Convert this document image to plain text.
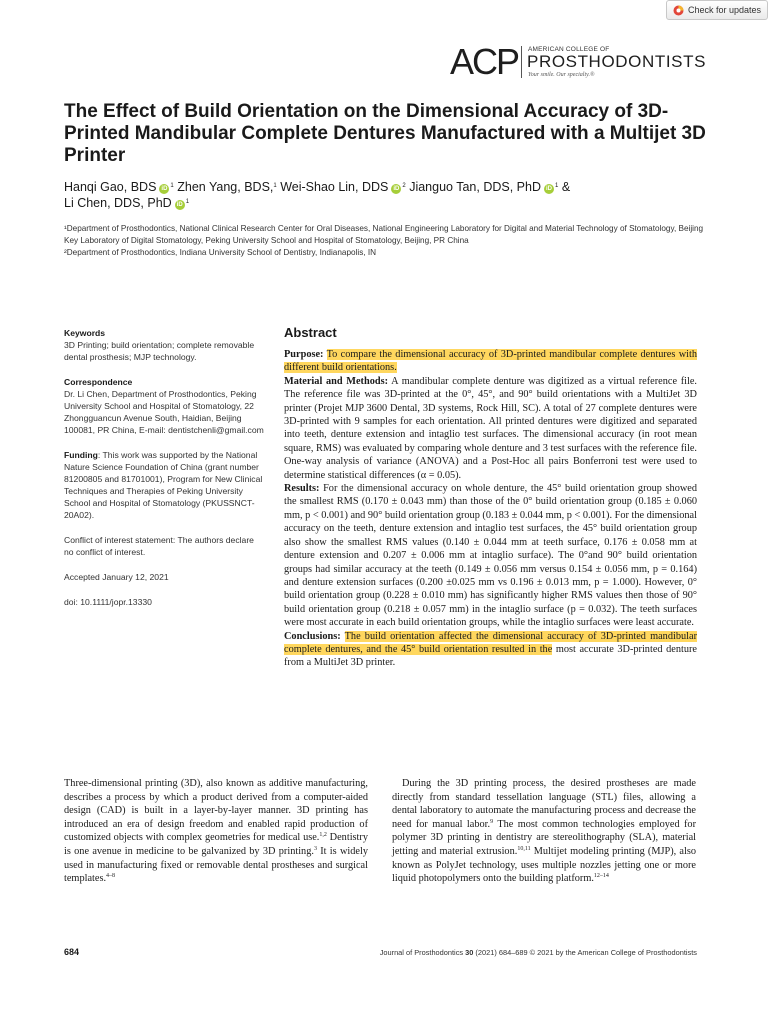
Check for updates
ACP AMERICAN COLLEGE OF
PROSTHODONTISTS
Your smile. Our specialty.®
The Effect of Build Orientation on the Dimensional Accuracy of 3D-Printed Mandibular Complete Dentures Manufactured with a Multijet 3D Printer
Hanqi Gao, BDS iD $^1$ Zhen Yang, BDS,$^1$ Wei-Shao Lin, DDS iD $^2$ Jianguo Tan, DDS, PhD iD $^1$ &
Li Chen, DDS, PhD iD $^1$

¹Department of Prosthodontics, National Clinical Research Center for Oral Diseases, National Engineering Laboratory for Digital and Material Technology of Stomatology, Beijing Key Laboratory of Digital Stomatology, Peking University School and Hospital of Stomatology, Beijing, PR China

²Department of Prosthodontics, Indiana University School of Dentistry, Indianapolis, IN

Keywords

3D Printing; build orientation; complete removable dental prosthesis; MJP technology.

Correspondence

Dr. Li Chen, Department of Prosthodontics, Peking University School and Hospital of Stomatology, 22 Zhongguancun Avenue South, Haidian, Beijing 100081, PR China, E-mail: dentistchenli@gmail.com

Funding: This work was supported by the National Nature Science Foundation of China (grant number 81200805 and 81701001), Program for New Clinical Techniques and Therapies of Peking University School and Hospital of Stomatology (PKUSSNCT-20A02).

Conflict of interest statement: The authors declare no conflict of interest.

Accepted January 12, 2021

doi: 10.1111/jopr.13330

Abstract

Purpose: To compare the dimensional accuracy of 3D-printed mandibular complete dentures with different build orientations.

Material and Methods: A mandibular complete denture was digitized as a virtual reference file. The reference file was 3D-printed at the 0°, 45°, and 90° build orientations with a MultiJet 3D printer (Projet MJP 3600 Dental, 3D systems, Rock Hill, SC). A total of 27 complete dentures were 3D-printed with 9 samples for each orientation. All printed dentures were digitized and separated into teeth, denture extension and intaglio test surfaces. The dimensional accuracy (in root mean square, RMS) was evaluated by comparing whole denture and 3 test surfaces with the reference file. One-way analysis of variance (ANOVA) and a Post-Hoc all pairs Bonferroni test were used to determine statistical differences (α = 0.05).

Results: For the dimensional accuracy on whole denture, the 45° build orientation group showed the smallest RMS (0.170 ± 0.043 mm) than those of the 0° build orientation group (0.185 ± 0.060 mm, p < 0.001) and 90° build orientation group (0.183 ± 0.044 mm, p < 0.001). For the dimensional accuracy on the teeth, denture extension and intaglio test surfaces, the 45° build orientation group also show the smallest RMS values (0.140 ± 0.044 mm at teeth surface, 0.176 ± 0.058 mm at denture extension and 0.207 ± 0.006 mm at intaglio surface). The 0°and 90° build orientation groups had similar accuracy at the teeth (0.149 ± 0.056 mm versus 0.154 ± 0.056 mm, p = 0.164) and denture extension surfaces (0.200 ±0.025 mm vs 0.196 ± 0.013 mm, p = 1.000). However, 0° build orientation group (0.228 ± 0.010 mm) has significantly higher RMS values then those of 90° build orientation group (0.218 ± 0.057 mm) in the intaglio surface (p = 0.032). The teeth surfaces were most accurate in each build orientation groups, while the intaglio surfaces were least accurate.

Conclusions: The build orientation affected the dimensional accuracy of 3D-printed mandibular complete dentures, and the 45° build orientation resulted in the most accurate 3D-printed denture from a MultiJet 3D printer.

Three-dimensional printing (3D), also known as additive manufacturing, describes a process by which a product derived from a computer-aided design (CAD) is built in a layer-by-layer manner. 3D printing has introduced an era of design freedom and enabled rapid production of customized objects with complex geometries for medical use.$^{1,2}$ Dentistry is one avenue in medicine to be galvanized by 3D printing.$^3$ It is widely used in manufacturing fixed or removable dental prostheses and surgical templates.$^{4-8}$

During the 3D printing process, the desired prostheses are made directly from standard tessellation language (STL) files, allowing a dental laboratory to automate the manufacturing process and decrease the need for manual labor.$^9$ The most common technologies employed for polymer 3D printing in dentistry are stereolithography (SLA), material jetting and material extrusion.$^{10,11}$ Multijet modeling printing (MJP), also known as PolyJet technology, uses multiple nozzles jetting one or more liquid photopolymers onto the building platform.$^{12-14}$

684	Journal of Prosthodontics 30 (2021) 684–689 © 2021 by the American College of Prosthodontists
